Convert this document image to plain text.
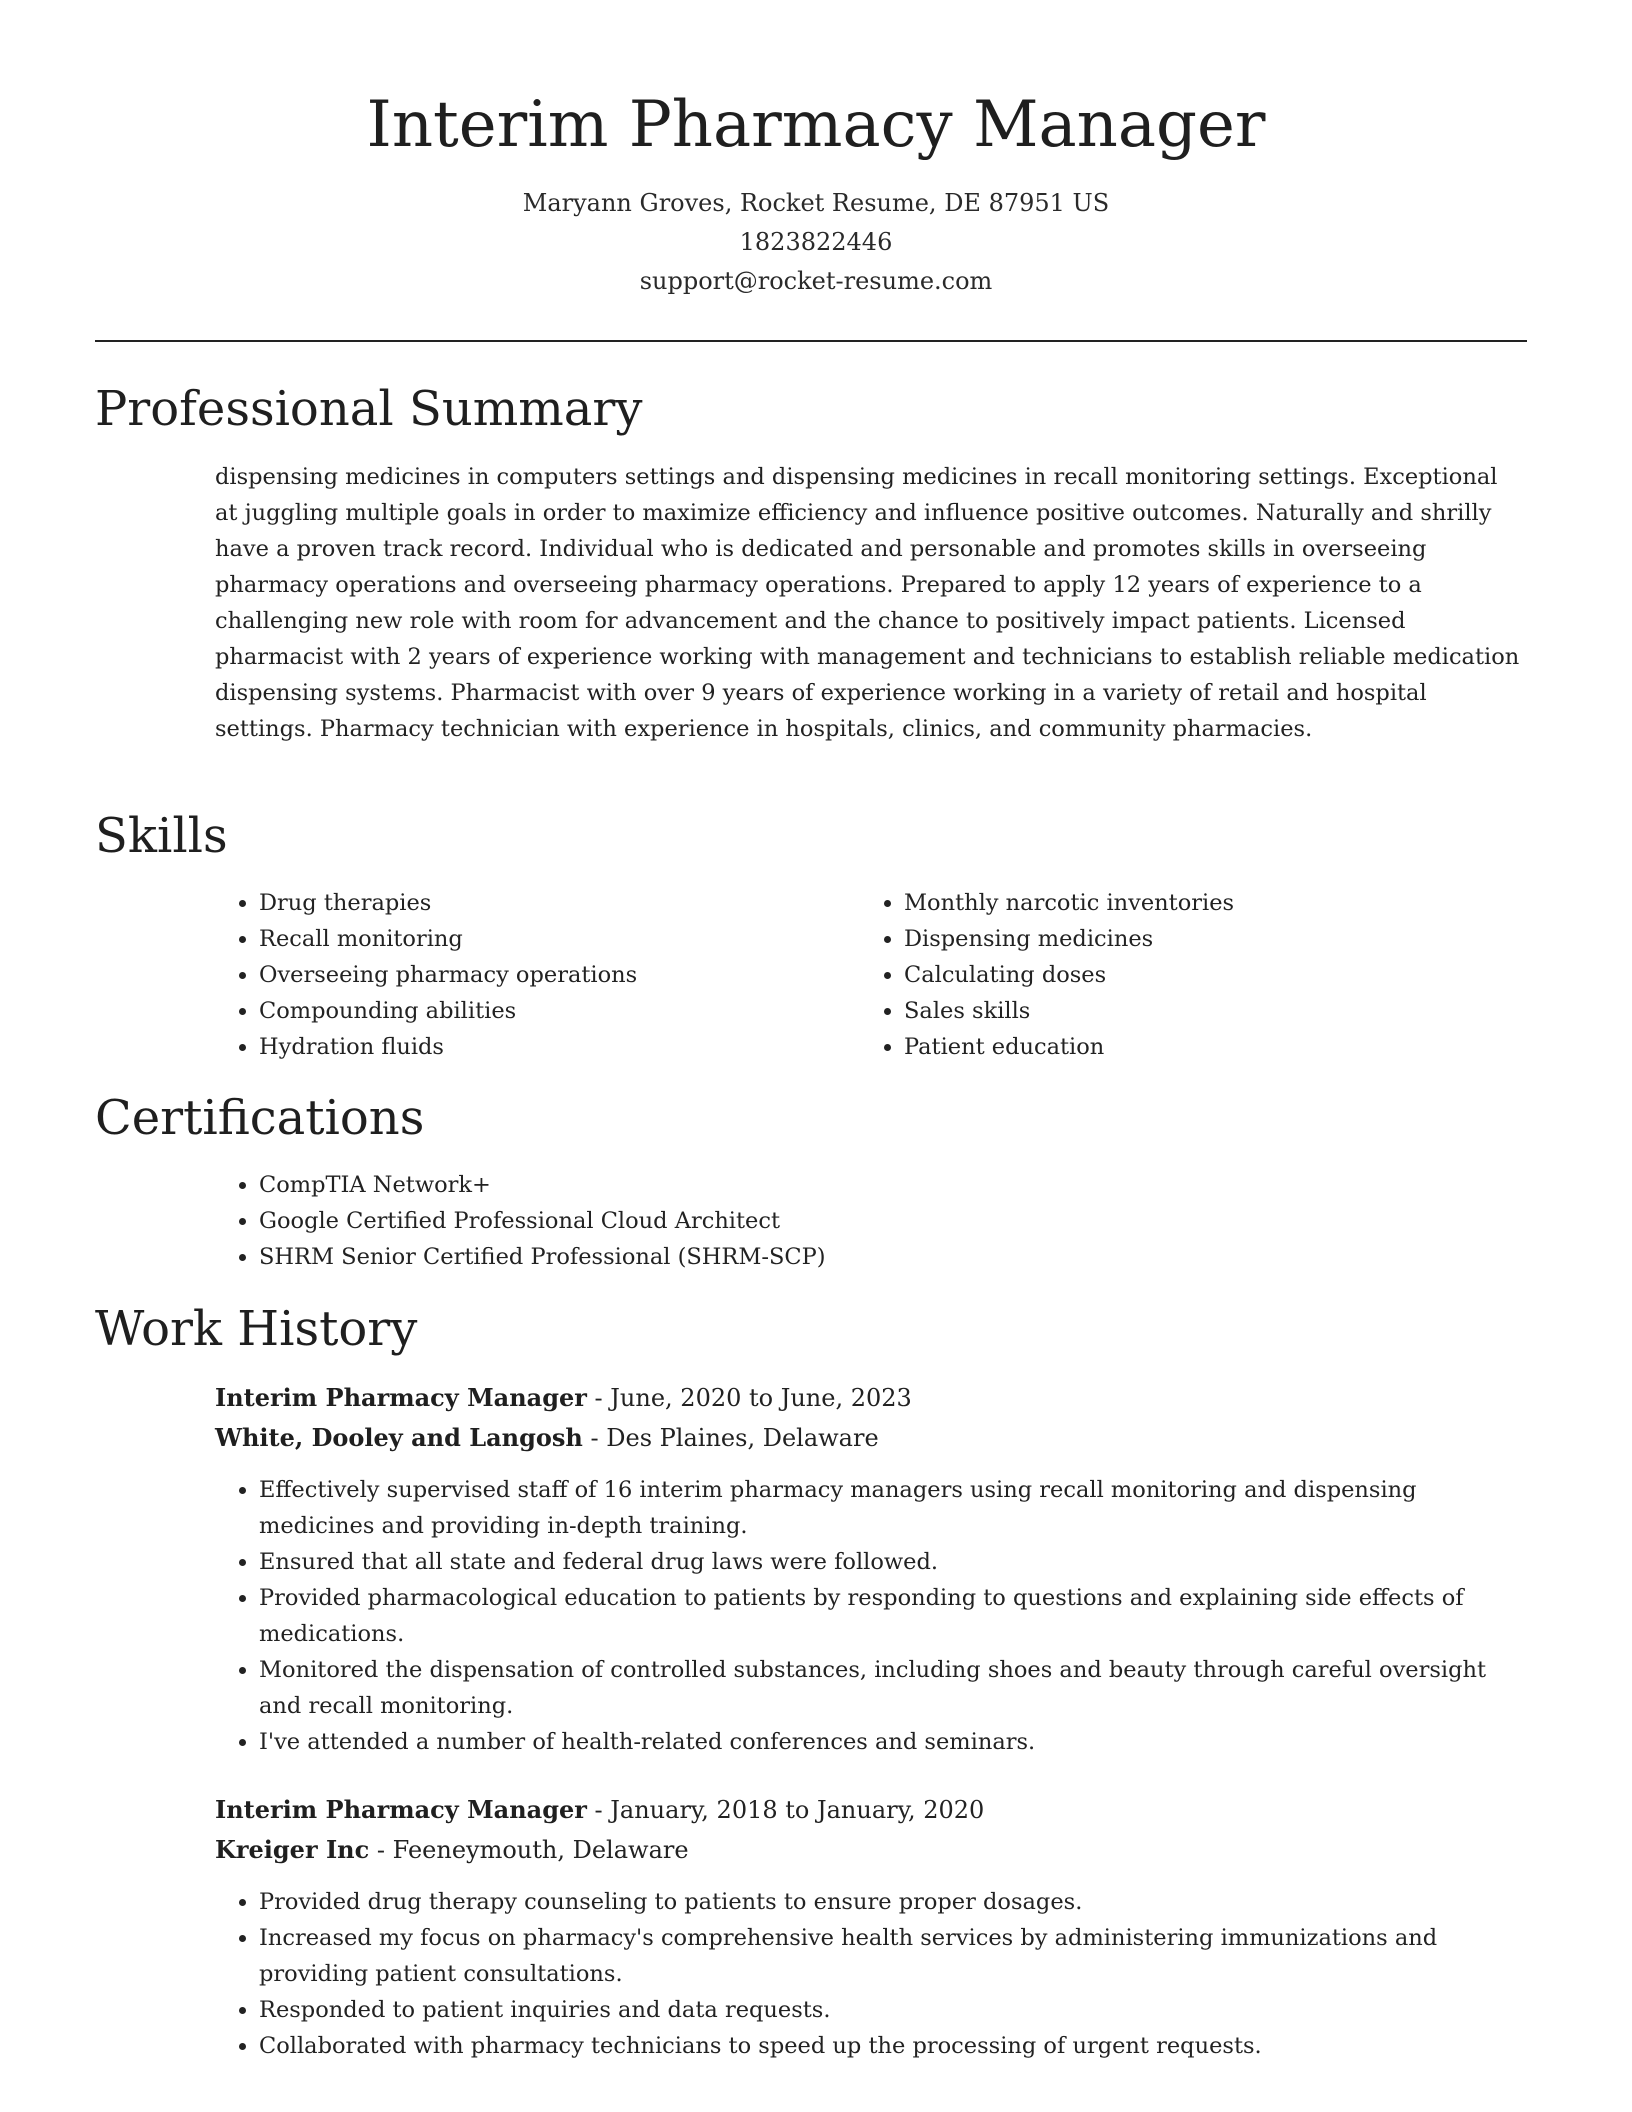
Interim Pharmacy Manager
Maryann Groves, Rocket Resume, DE 87951 US
1823822446
support@rocket-resume.com
Professional Summary

dispensing medicines in computers settings and dispensing medicines in recall monitoring settings. Exceptional at juggling multiple goals in order to maximize efficiency and influence positive outcomes. Naturally and shrilly have a proven track record. Individual who is dedicated and personable and promotes skills in overseeing pharmacy operations and overseeing pharmacy operations. Prepared to apply 12 years of experience to a challenging new role with room for advancement and the chance to positively impact patients. Licensed pharmacist with 2 years of experience working with management and technicians to establish reliable medication dispensing systems. Pharmacist with over 9 years of experience working in a variety of retail and hospital settings. Pharmacy technician with experience in hospitals, clinics, and community pharmacies.

Skills
• Drug therapies
• Recall monitoring
• Overseeing pharmacy operations
• Compounding abilities
• Hydration fluids
• Monthly narcotic inventories
• Dispensing medicines
• Calculating doses
• Sales skills
• Patient education
Certifications
• CompTIA Network+
• Google Certified Professional Cloud Architect
• SHRM Senior Certified Professional (SHRM-SCP)
Work History
Interim Pharmacy Manager - June, 2020 to June, 2023
White, Dooley and Langosh - Des Plaines, Delaware
• Effectively supervised staff of 16 interim pharmacy managers using recall monitoring and dispensing medicines and providing in-depth training.
• Ensured that all state and federal drug laws were followed.
• Provided pharmacological education to patients by responding to questions and explaining side effects of medications.
• Monitored the dispensation of controlled substances, including shoes and beauty through careful oversight and recall monitoring.
• I've attended a number of health-related conferences and seminars.
Interim Pharmacy Manager - January, 2018 to January, 2020
Kreiger Inc - Feeneymouth, Delaware
• Provided drug therapy counseling to patients to ensure proper dosages.
• Increased my focus on pharmacy's comprehensive health services by administering immunizations and providing patient consultations.
• Responded to patient inquiries and data requests.
• Collaborated with pharmacy technicians to speed up the processing of urgent requests.
